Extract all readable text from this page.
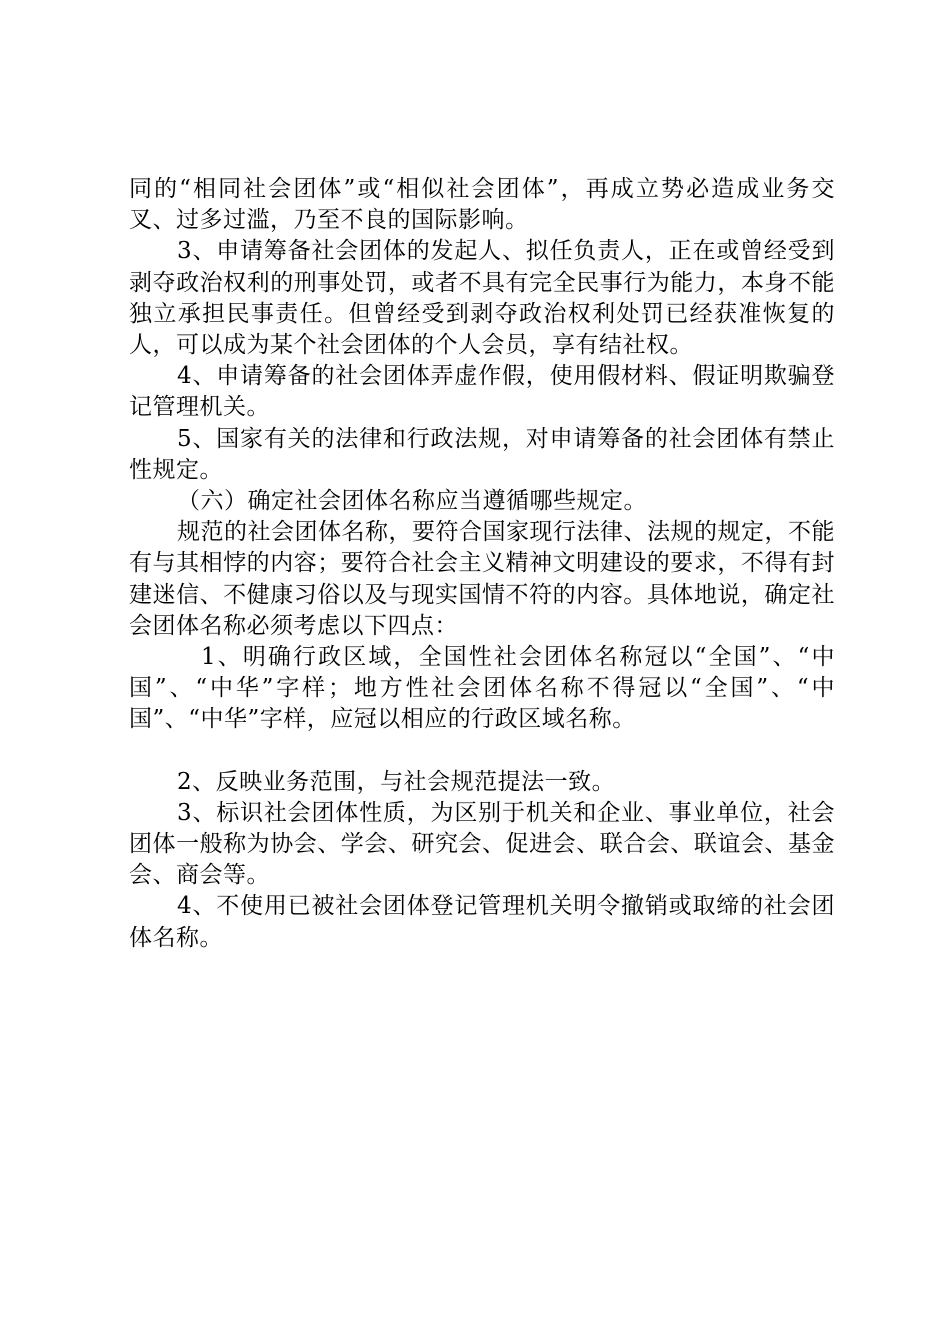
同的“相同社会团体”或“相似社会团体”，再成立势必造成业务交叉、过多过滥，乃至不良的国际影响。

3、申请筹备社会团体的发起人、拟任负责人，正在或曾经受到剥夺政治权利的刑事处罚，或者不具有完全民事行为能力，本身不能独立承担民事责任。但曾经受到剥夺政治权利处罚已经获准恢复的人，可以成为某个社会团体的个人会员，享有结社权。

4、申请筹备的社会团体弄虚作假，使用假材料、假证明欺骗登记管理机关。

5、国家有关的法律和行政法规，对申请筹备的社会团体有禁止性规定。

（六）确定社会团体名称应当遵循哪些规定。

规范的社会团体名称，要符合国家现行法律、法规的规定，不能有与其相悖的内容；要符合社会主义精神文明建设的要求，不得有封建迷信、不健康习俗以及与现实国情不符的内容。具体地说，确定社会团体名称必须考虑以下四点：

1、明确行政区域，全国性社会团体名称冠以“全国”、“中国”、“中华”字样；地方性社会团体名称不得冠以“全国”、“中国”、“中华”字样，应冠以相应的行政区域名称。

2、反映业务范围，与社会规范提法一致。

3、标识社会团体性质，为区别于机关和企业、事业单位，社会团体一般称为协会、学会、研究会、促进会、联合会、联谊会、基金会、商会等。

4、不使用已被社会团体登记管理机关明令撤销或取缔的社会团体名称。
